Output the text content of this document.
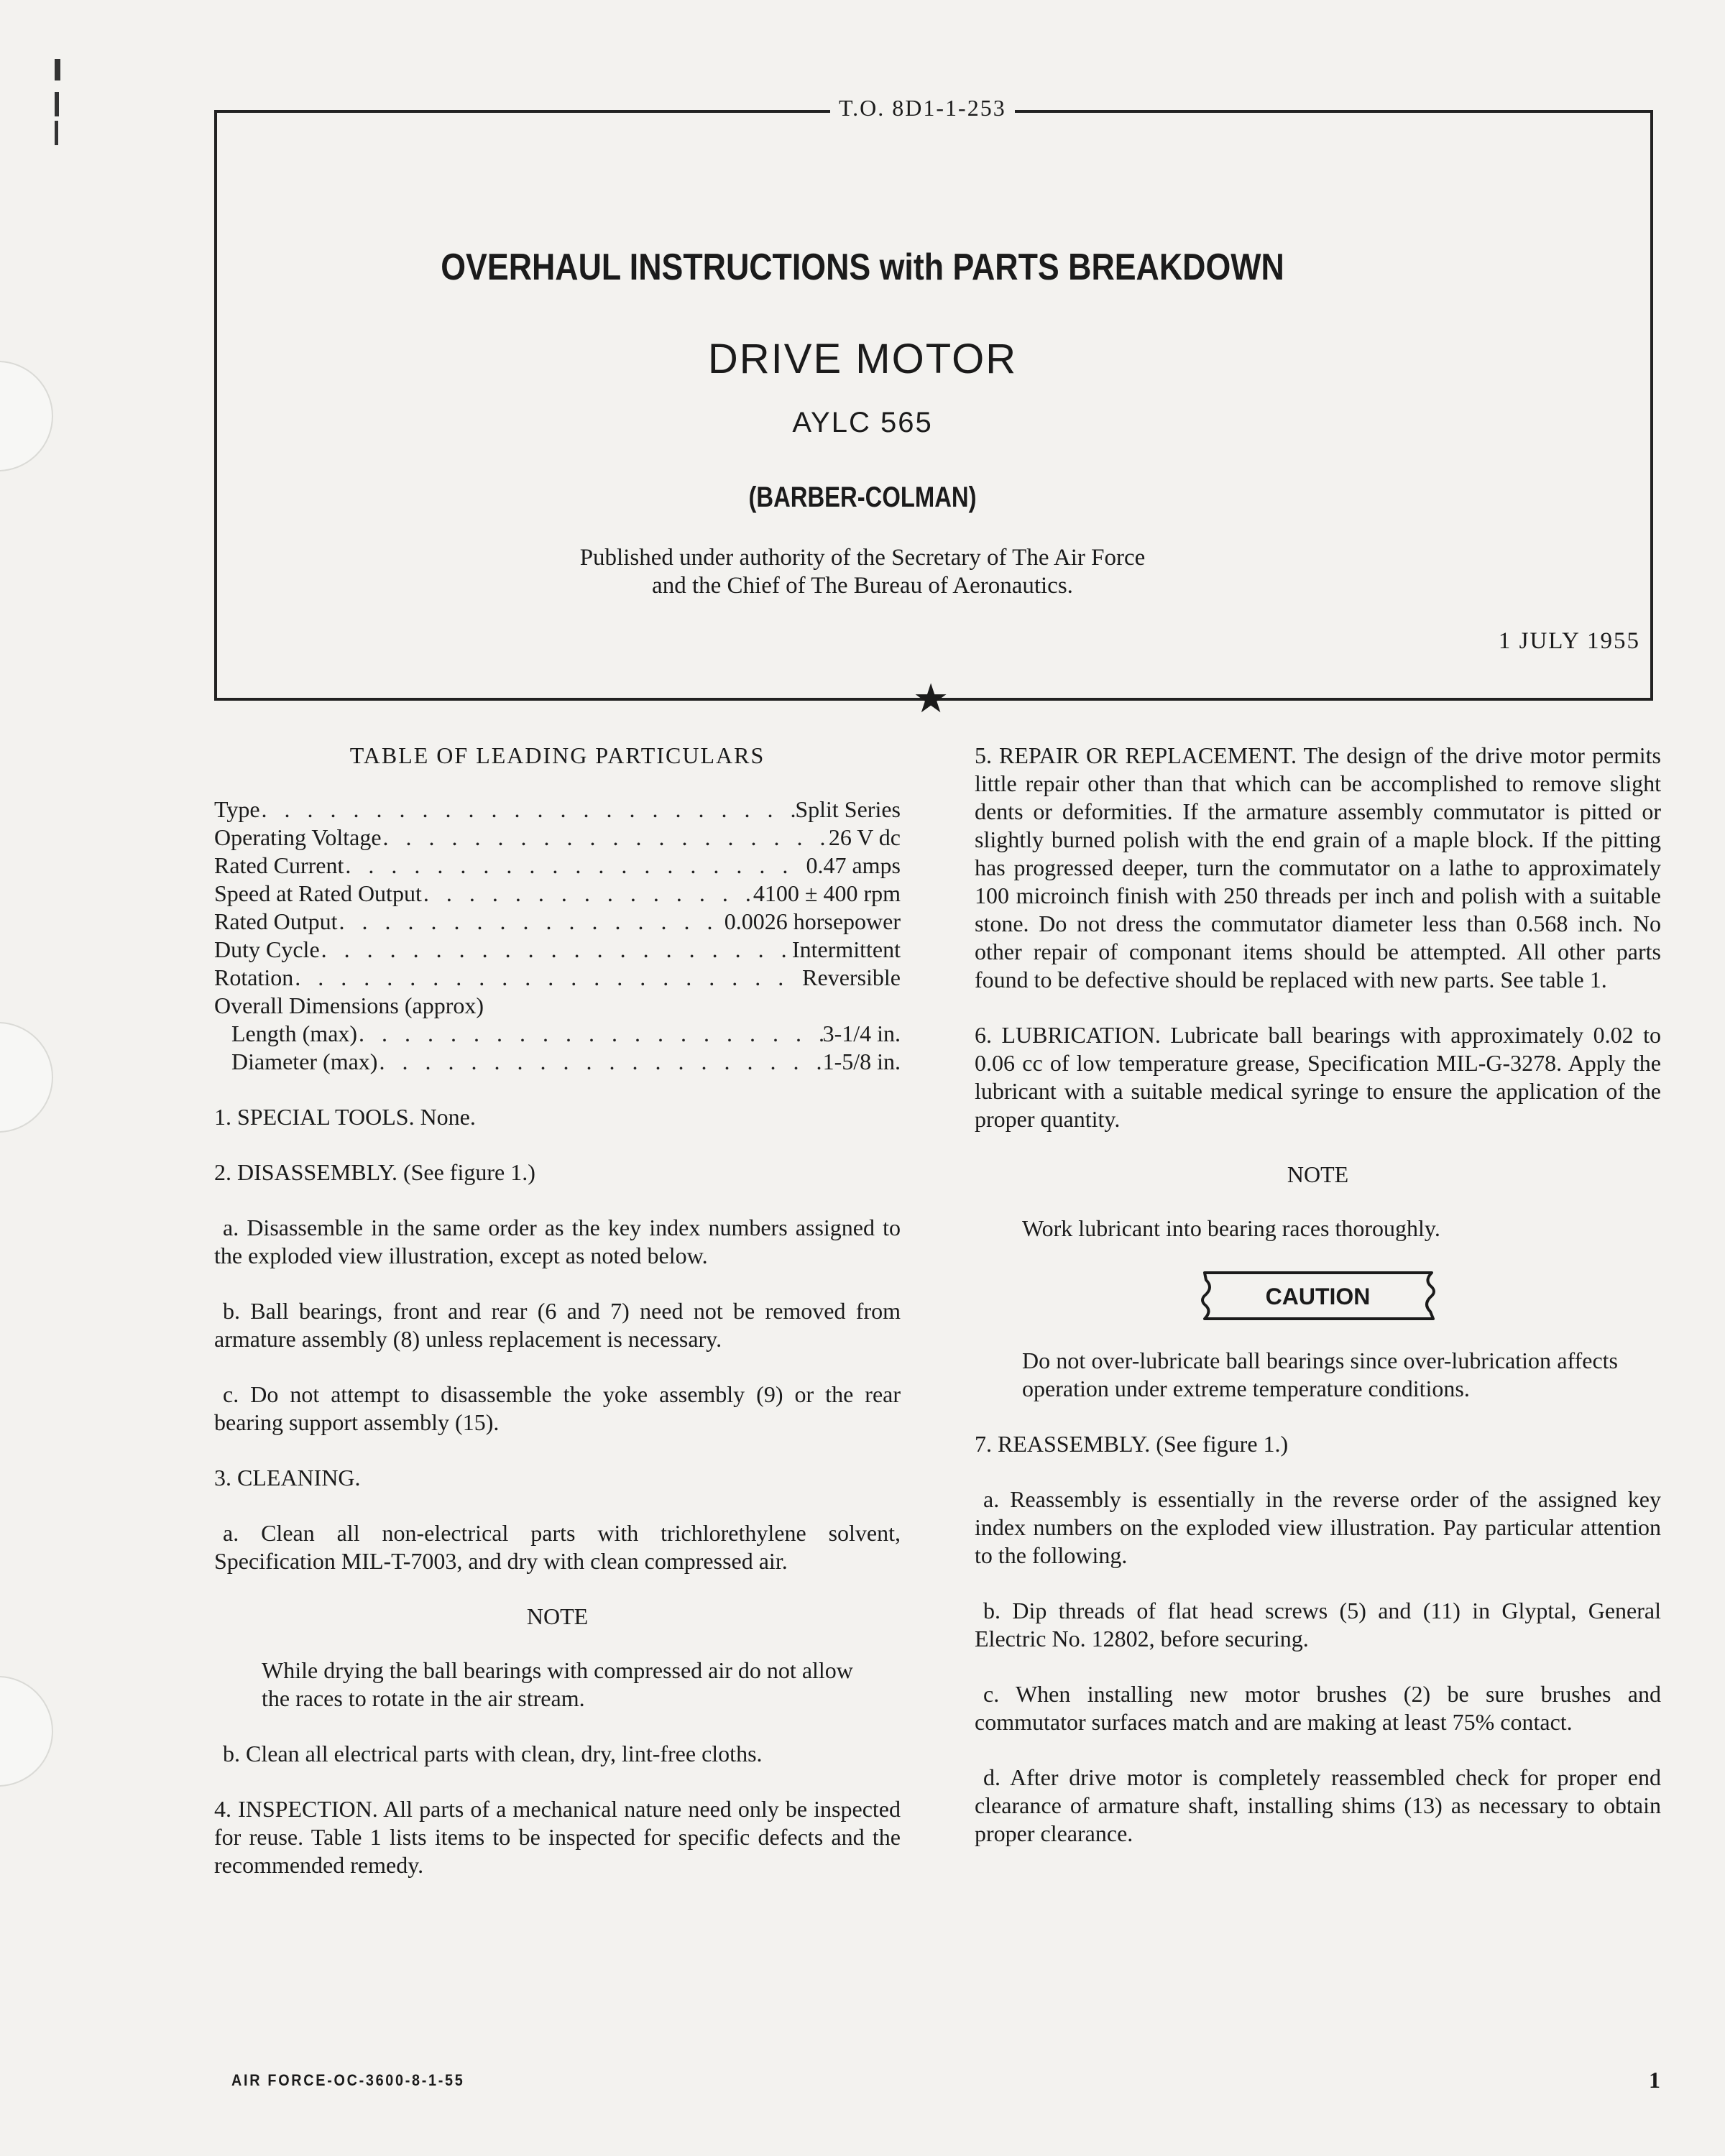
T.O. 8D1-1-253
OVERHAUL INSTRUCTIONS with PARTS BREAKDOWN
DRIVE MOTOR
AYLC 565
(BARBER-COLMAN)
Published under authority of the Secretary of The Air Force
and the Chief of The Bureau of Aeronautics.
1 JULY 1955
★

TABLE OF LEADING PARTICULARS

Type . . .	Split Series
Operating Voltage . . .	26 V dc
Rated Current . . .	0.47 amps
Speed at Rated Output . . .	4100 ± 400 rpm
Rated Output . . .	0.0026 horsepower
Duty Cycle . . .	Intermittent
Rotation . . .	Reversible
Overall Dimensions (approx)
Length (max) . . .	3-1/4 in.
Diameter (max) . . .	1-5/8 in.

1. SPECIAL TOOLS. None.

2. DISASSEMBLY. (See figure 1.)

a. Disassemble in the same order as the key index numbers assigned to the exploded view illustration, except as noted below.

b. Ball bearings, front and rear (6 and 7) need not be removed from armature assembly (8) unless replacement is necessary.

c. Do not attempt to disassemble the yoke assembly (9) or the rear bearing support assembly (15).

3. CLEANING.

a. Clean all non-electrical parts with trichlorethylene solvent, Specification MIL-T-7003, and dry with clean compressed air.

NOTE

While drying the ball bearings with compressed air do not allow the races to rotate in the air stream.

b. Clean all electrical parts with clean, dry, lint-free cloths.

4. INSPECTION. All parts of a mechanical nature need only be inspected for reuse. Table 1 lists items to be inspected for specific defects and the recommended remedy.

5. REPAIR OR REPLACEMENT. The design of the drive motor permits little repair other than that which can be accomplished to remove slight dents or deformities. If the armature assembly commutator is pitted or slightly burned polish with the end grain of a maple block. If the pitting has progressed deeper, turn the commutator on a lathe to approximately 100 microinch finish with 250 threads per inch and polish with a suitable stone. Do not dress the commutator diameter less than 0.568 inch. No other repair of componant items should be attempted. All other parts found to be defective should be replaced with new parts. See table 1.

6. LUBRICATION. Lubricate ball bearings with approximately 0.02 to 0.06 cc of low temperature grease, Specification MIL-G-3278. Apply the lubricant with a suitable medical syringe to ensure the application of the proper quantity.

NOTE

Work lubricant into bearing races thoroughly.

CAUTION

Do not over-lubricate ball bearings since over-lubrication affects operation under extreme temperature conditions.

7. REASSEMBLY. (See figure 1.)

a. Reassembly is essentially in the reverse order of the assigned key index numbers on the exploded view illustration. Pay particular attention to the following.

b. Dip threads of flat head screws (5) and (11) in Glyptal, General Electric No. 12802, before securing.

c. When installing new motor brushes (2) be sure brushes and commutator surfaces match and are making at least 75% contact.

d. After drive motor is completely reassembled check for proper end clearance of armature shaft, installing shims (13) as necessary to obtain proper clearance.

AIR FORCE-OC-3600-8-1-55	1
